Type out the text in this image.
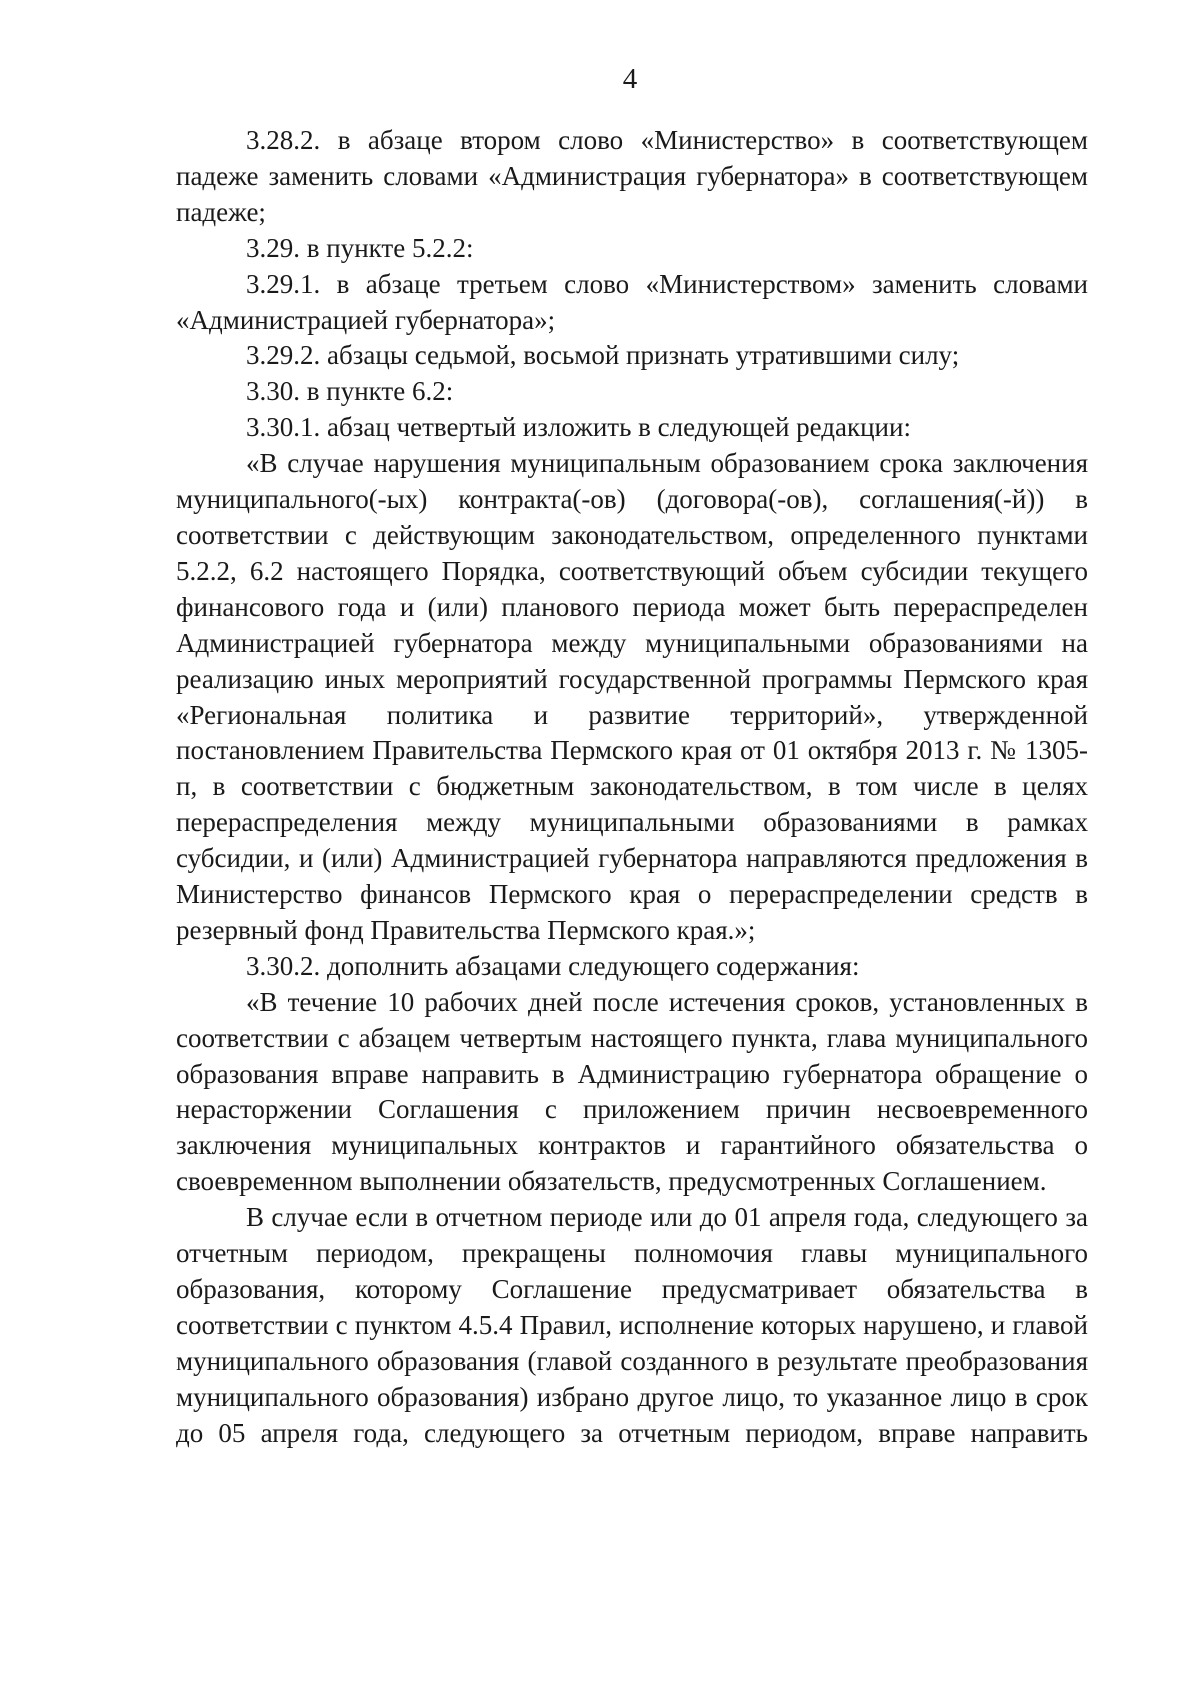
4

3.28.2. в абзаце втором слово «Министерство» в соответствующем падеже заменить словами «Администрация губернатора» в соответствующем падеже;

3.29. в пункте 5.2.2:

3.29.1. в абзаце третьем слово «Министерством» заменить словами «Администрацией губернатора»;

3.29.2. абзацы седьмой, восьмой признать утратившими силу;

3.30. в пункте 6.2:

3.30.1. абзац четвертый изложить в следующей редакции:

«В случае нарушения муниципальным образованием срока заключения муниципального(-ых) контракта(-ов) (договора(-ов), соглашения(-й)) в соответствии с действующим законодательством, определенного пунктами 5.2.2, 6.2 настоящего Порядка, соответствующий объем субсидии текущего финансового года и (или) планового периода может быть перераспределен Администрацией губернатора между муниципальными образованиями на реализацию иных мероприятий государственной программы Пермского края «Региональная политика и развитие территорий», утвержденной постановлением Правительства Пермского края от 01 октября 2013 г. № 1305-п, в соответствии с бюджетным законодательством, в том числе в целях перераспределения между муниципальными образованиями в рамках субсидии, и (или) Администрацией губернатора направляются предложения в Министерство финансов Пермского края о перераспределении средств в резервный фонд Правительства Пермского края.»;

3.30.2. дополнить абзацами следующего содержания:

«В течение 10 рабочих дней после истечения сроков, установленных в соответствии с абзацем четвертым настоящего пункта, глава муниципального образования вправе направить в Администрацию губернатора обращение о нерасторжении Соглашения с приложением причин несвоевременного заключения муниципальных контрактов и гарантийного обязательства о своевременном выполнении обязательств, предусмотренных Соглашением.

В случае если в отчетном периоде или до 01 апреля года, следующего за отчетным периодом, прекращены полномочия главы муниципального образования, которому Соглашение предусматривает обязательства в соответствии с пунктом 4.5.4 Правил, исполнение которых нарушено, и главой муниципального образования (главой созданного в результате преобразования муниципального образования) избрано другое лицо, то указанное лицо в срок до 05 апреля года, следующего за отчетным периодом, вправе направить
